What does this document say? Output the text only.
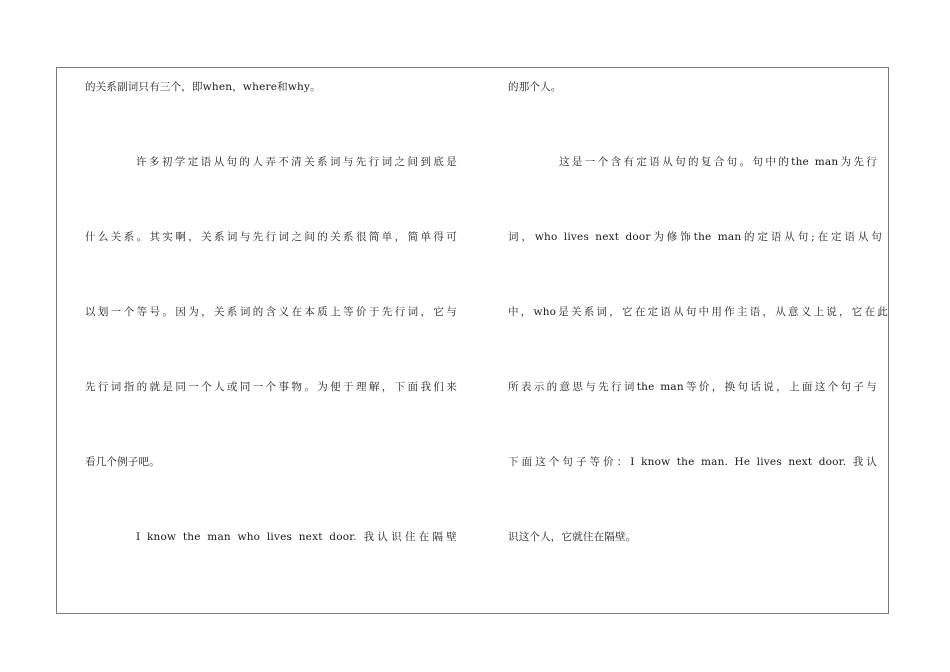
的关系副词只有三个，即when，where和why。
许多初学定语从句的人弄不清关系词与先行词之间到底是
什么关系。其实啊，关系词与先行词之间的关系很简单，简单得可
以划一个等号。因为，关系词的含义在本质上等价于先行词，它与
先行词指的就是同一个人或同一个事物。为便于理解，下面我们来
看几个例子吧。
I know the man who lives next door. 我认识住在隔壁
的那个人。
这是一个含有定语从句的复合句。句中的the man为先行
词，who lives next door为修饰the man的定语从句;在定语从句
中，who是关系词，它在定语从句中用作主语，从意义上说，它在此
所表示的意思与先行词the man等价，换句话说，上面这个句子与
下面这个句子等价：I know the man. He lives next door. 我认
识这个人，它就住在隔壁。
